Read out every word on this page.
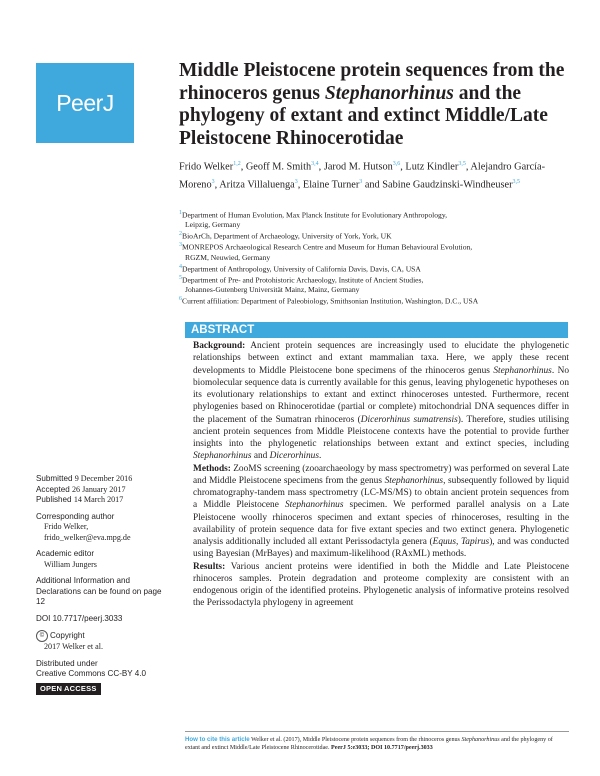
PeerJ
Middle Pleistocene protein sequences from the rhinoceros genus Stephanorhinus and the phylogeny of extant and extinct Middle/Late Pleistocene Rhinocerotidae

Frido Welker$^{1,2}$, Geoff M. Smith$^{3,4}$, Jarod M. Hutson$^{3,6}$, Lutz Kindler$^{3,5}$, Alejandro García-Moreno$^3$, Aritza Villaluenga$^3$, Elaine Turner$^3$ and Sabine Gaudzinski-Windheuser$^{3,5}$

$^1$Department of Human Evolution, Max Planck Institute for Evolutionary Anthropology,
Leipzig, Germany

$^2$BioArCh, Department of Archaeology, University of York, York, UK

$^3$MONREPOS Archaeological Research Centre and Museum for Human Behavioural Evolution,
RGZM, Neuwied, Germany

$^4$Department of Anthropology, University of California Davis, Davis, CA, USA

$^5$Department of Pre- and Protohistoric Archaeology, Institute of Ancient Studies,
Johannes-Gutenberg Universität Mainz, Mainz, Germany

$^6$Current affiliation: Department of Paleobiology, Smithsonian Institution, Washington, D.C., USA

ABSTRACT

Background: Ancient protein sequences are increasingly used to elucidate the phylogenetic relationships between extinct and extant mammalian taxa. Here, we apply these recent developments to Middle Pleistocene bone specimens of the rhinoceros genus Stephanorhinus. No biomolecular sequence data is currently available for this genus, leaving phylogenetic hypotheses on its evolutionary relationships to extant and extinct rhinoceroses untested. Furthermore, recent phylogenies based on Rhinocerotidae (partial or complete) mitochondrial DNA sequences differ in the placement of the Sumatran rhinoceros (Dicerorhinus sumatrensis). Therefore, studies utilising ancient protein sequences from Middle Pleistocene contexts have the potential to provide further insights into the phylogenetic relationships between extant and extinct species, including Stephanorhinus and Dicerorhinus.

Methods: ZooMS screening (zooarchaeology by mass spectrometry) was performed on several Late and Middle Pleistocene specimens from the genus Stephanorhinus, subsequently followed by liquid chromatography-tandem mass spectrometry (LC-MS/MS) to obtain ancient protein sequences from a Middle Pleistocene Stephanorhinus specimen. We performed parallel analysis on a Late Pleistocene woolly rhinoceros specimen and extant species of rhinoceroses, resulting in the availability of protein sequence data for five extant species and two extinct genera. Phylogenetic analysis additionally included all extant Perissodactyla genera (Equus, Tapirus), and was conducted using Bayesian (MrBayes) and maximum-likelihood (RAxML) methods.

Results: Various ancient proteins were identified in both the Middle and Late Pleistocene rhinoceros samples. Protein degradation and proteome complexity are consistent with an endogenous origin of the identified proteins. Phylogenetic analysis of informative proteins resolved the Perissodactyla phylogeny in agreement

Submitted 9 December 2016
Accepted 26 January 2017
Published 14 March 2017
Corresponding author
Frido Welker,
frido_welker@eva.mpg.de
Academic editor
William Jungers
Additional Information and Declarations can be found on page 12
DOI 10.7717/peerj.3033
© Copyright
2017 Welker et al.
Distributed under
Creative Commons CC-BY 4.0
OPEN ACCESS
How to cite this article Welker et al. (2017), Middle Pleistocene protein sequences from the rhinoceros genus Stephanorhinus and the phylogeny of extant and extinct Middle/Late Pleistocene Rhinocerotidae. PeerJ 5:e3033; DOI 10.7717/peerj.3033
